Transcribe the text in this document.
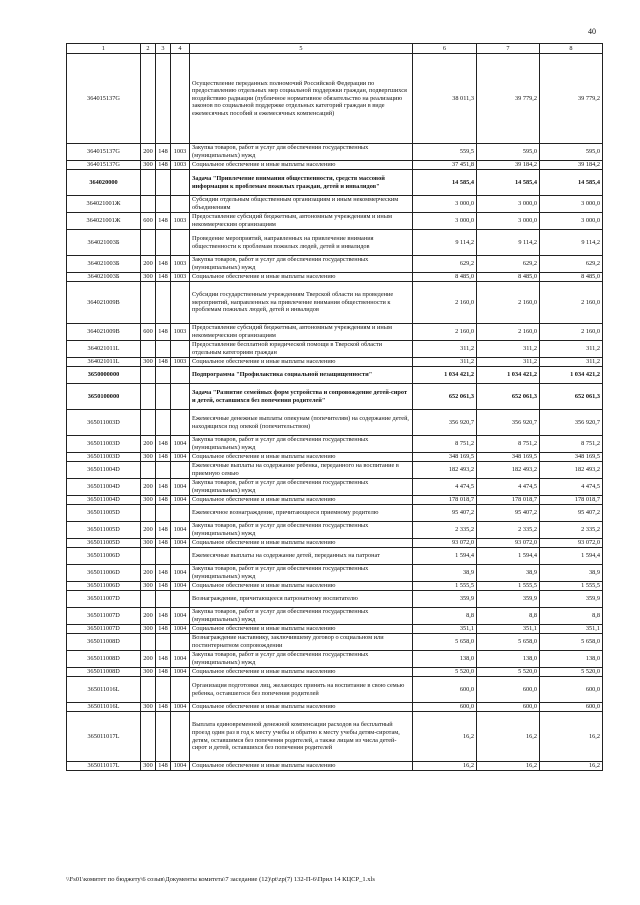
40
1	2	3	4	5	6	7	8
364015137G				Осуществление переданных полномочий Российской Федерации по предоставлению отдельных мер социальной поддержки граждан, подвергшихся воздействию радиации (публичное нормативное обязательство на реализацию законов по социальной поддержке отдельных категорий граждан в виде ежемесячных пособий и ежемесячных компенсаций)	38 011,3	39 779,2	39 779,2
364015137G	200	148	1003	Закупка товаров, работ и услуг для обеспечения государственных (муниципальных) нужд	559,5	595,0	595,0
364015137G	300	148	1003	Социальное обеспечение и иные выплаты населению	37 451,8	39 184,2	39 184,2
364020000				Задача "Привлечение внимания общественности, средств массовой информации к проблемам пожилых граждан, детей и инвалидов"	14 585,4	14 585,4	14 585,4
364021001Ж				Субсидии отдельным общественным организациям и иным некоммерческим объединениям	3 000,0	3 000,0	3 000,0
364021001Ж	600	148	1003	Предоставление субсидий бюджетным, автономным учреждениям и иным некоммерческим организациям	3 000,0	3 000,0	3 000,0
364021003Б				Проведение мероприятий, направленных на привлечение внимания общественности к проблемам пожилых людей, детей и инвалидов	9 114,2	9 114,2	9 114,2
364021003Б	200	148	1003	Закупка товаров, работ и услуг для обеспечения государственных (муниципальных) нужд	629,2	629,2	629,2
364021003Б	300	148	1003	Социальное обеспечение и иные выплаты населению	8 485,0	8 485,0	8 485,0
364021009В				Субсидии государственным учреждениям Тверской области на проведение мероприятий, направленных на привлечение внимания общественности к проблемам пожилых людей, детей и инвалидов	2 160,0	2 160,0	2 160,0
364021009В	600	148	1003	Предоставление субсидий бюджетным, автономным учреждениям и иным некоммерческим организациям	2 160,0	2 160,0	2 160,0
364021011L				Предоставление бесплатной юридической помощи в Тверской области отдельным категориям граждан	311,2	311,2	311,2
364021011L	300	148	1003	Социальное обеспечение и иные выплаты населению	311,2	311,2	311,2
3650000000				Подпрограмма "Профилактика социальной незащищенности"	1 034 421,2	1 034 421,2	1 034 421,2
3650100000				Задача "Развитие семейных форм устройства и сопровождение детей-сирот и детей, оставшихся без попечения родителей"	652 061,3	652 061,3	652 061,3
365011003D				Ежемесячные денежные выплаты опекунам (попечителям) на содержание детей, находящихся под опекой (попечительством)	356 920,7	356 920,7	356 920,7
365011003D	200	148	1004	Закупка товаров, работ и услуг для обеспечения государственных (муниципальных) нужд	8 751,2	8 751,2	8 751,2
365011003D	300	148	1004	Социальное обеспечение и иные выплаты населению	348 169,5	348 169,5	348 169,5
365011004D				Ежемесячные выплаты на содержание ребенка, переданного на воспитание в приемную семью	182 493,2	182 493,2	182 493,2
365011004D	200	148	1004	Закупка товаров, работ и услуг для обеспечения государственных (муниципальных) нужд	4 474,5	4 474,5	4 474,5
365011004D	300	148	1004	Социальное обеспечение и иные выплаты населению	178 018,7	178 018,7	178 018,7
365011005D				Ежемесячное вознаграждение, причитающееся приемному родителю	95 407,2	95 407,2	95 407,2
365011005D	200	148	1004	Закупка товаров, работ и услуг для обеспечения государственных (муниципальных) нужд	2 335,2	2 335,2	2 335,2
365011005D	300	148	1004	Социальное обеспечение и иные выплаты населению	93 072,0	93 072,0	93 072,0
365011006D				Ежемесячные выплаты на содержание детей, переданных на патронат	1 594,4	1 594,4	1 594,4
365011006D	200	148	1004	Закупка товаров, работ и услуг для обеспечения государственных (муниципальных) нужд	38,9	38,9	38,9
365011006D	300	148	1004	Социальное обеспечение и иные выплаты населению	1 555,5	1 555,5	1 555,5
365011007D				Вознаграждение, причитающееся патронатному воспитателю	359,9	359,9	359,9
365011007D	200	148	1004	Закупка товаров, работ и услуг для обеспечения государственных (муниципальных) нужд	8,8	8,8	8,8
365011007D	300	148	1004	Социальное обеспечение и иные выплаты населению	351,1	351,1	351,1
365011008D				Вознаграждение наставнику, заключившему договор о социальном или постинтернатном сопровождении	5 658,0	5 658,0	5 658,0
365011008D	200	148	1004	Закупка товаров, работ и услуг для обеспечения государственных (муниципальных) нужд	138,0	138,0	138,0
365011008D	300	148	1004	Социальное обеспечение и иные выплаты населению	5 520,0	5 520,0	5 520,0
365011016L				Организация подготовки лиц, желающих принять на воспитание в свою семью ребенка, оставшегося без попечения родителей	600,0	600,0	600,0
365011016L	300	148	1004	Социальное обеспечение и иные выплаты населению	600,0	600,0	600,0
365011017L				Выплата единовременной денежной компенсации расходов на бесплатный проезд один раз в год к месту учебы и обратно к месту учебы детям-сиротам, детям, оставшимся без попечения родителей, а также лицам из числа детей-сирот и детей, оставшихся без попечения родителей	16,2	16,2	16,2
365011017L	300	148	1004	Социальное обеспечение и иные выплаты населению	16,2	16,2	16,2
\\Fs01\комитет по бюджету\6 созыв\Документы комитета\7 заседание (12)\pt\zp(7) 132-П-6\Прил 14 КЦСР_1.xls
